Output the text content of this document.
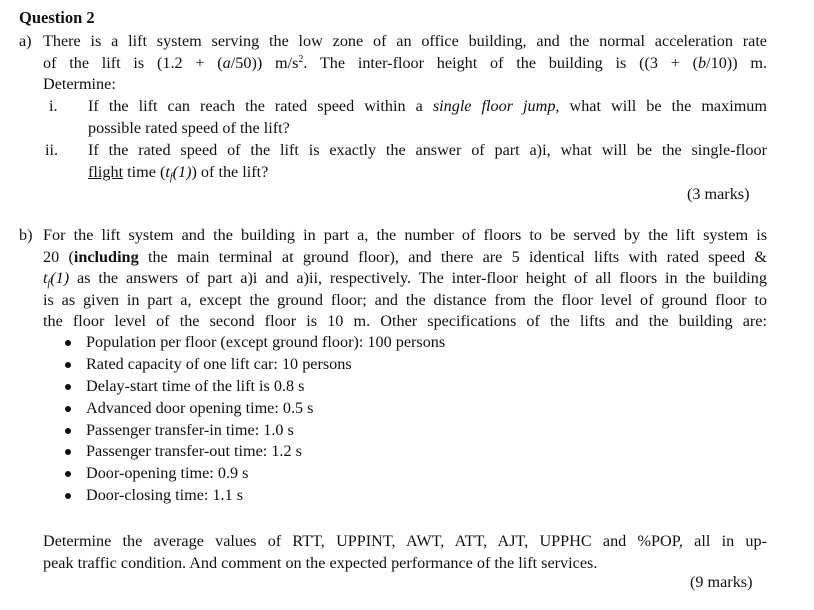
Question 2
a) There is a lift system serving the low zone of an office building, and the normal acceleration rate
of the lift is (1.2 + (a/50)) $m/s^2$. The inter-floor height of the building is ((3 + (b/10)) m.
Determine:
i. If the lift can reach the rated speed within a single floor jump, what will be the maximum
possible rated speed of the lift?
ii. If the rated speed of the lift is exactly the answer of part a)i, what will be the single-floor
flight time $(t_f(1))$ of the lift?
(3 marks)
b) For the lift system and the building in part a, the number of floors to be served by the lift system is
20 (including the main terminal at ground floor), and there are 5 identical lifts with rated speed &
$t_f(1)$ as the answers of part a)i and a)ii, respectively. The inter-floor height of all floors in the building
is as given in part a, except the ground floor; and the distance from the floor level of ground floor to
the floor level of the second floor is 10 m. Other specifications of the lifts and the building are:
Population per floor (except ground floor): 100 persons
Rated capacity of one lift car: 10 persons
Delay-start time of the lift is 0.8 s
Advanced door opening time: 0.5 s
Passenger transfer-in time: 1.0 s
Passenger transfer-out time: 1.2 s
Door-opening time: 0.9 s
Door-closing time: 1.1 s
Determine the average values of RTT, UPPINT, AWT, ATT, AJT, UPPHC and %POP, all in up-
peak traffic condition. And comment on the expected performance of the lift services.
(9 marks)
